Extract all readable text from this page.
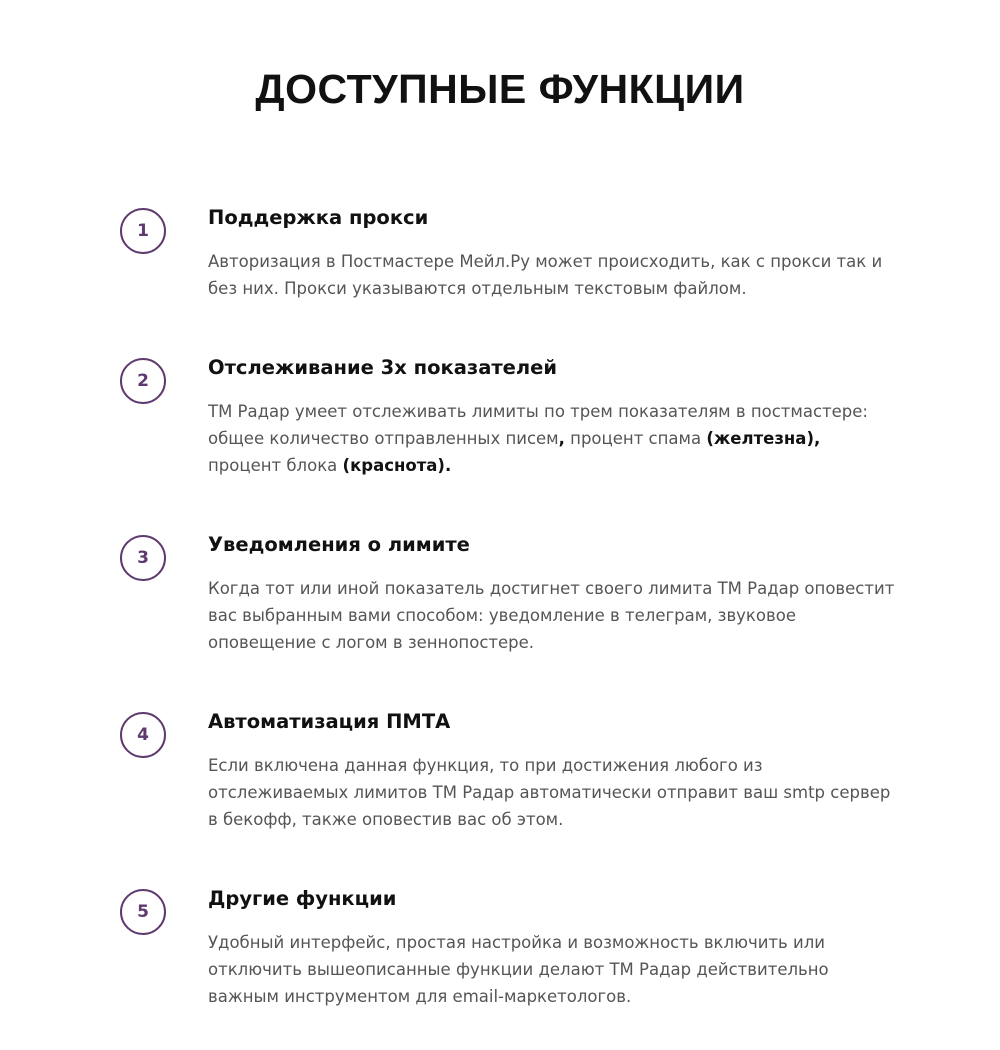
ДОСТУПНЫЕ ФУНКЦИИ
1
Поддержка прокси

Авторизация в Постмастере Мейл.Ру может происходить, как с прокси так и без них. Прокси указываются отдельным текстовым файлом.

2
Отслеживание 3х показателей

ТМ Радар умеет отслеживать лимиты по трем показателям в постмастере: общее количество отправленных писем, процент спама (желтезна), процент блока (краснота).

3
Уведомления о лимите

Когда тот или иной показатель достигнет своего лимита ТМ Радар оповестит вас выбранным вами способом: уведомление в телеграм, звуковое оповещение с логом в зеннопостере.

4
Автоматизация ПМТА

Если включена данная функция, то при достижения любого из отслеживаемых лимитов ТМ Радар автоматически отправит ваш smtp сервер в бекофф, также оповестив вас об этом.

5
Другие функции

Удобный интерфейс, простая настройка и возможность включить или отключить вышеописанные функции делают ТМ Радар действительно важным инструментом для email-маркетологов.
